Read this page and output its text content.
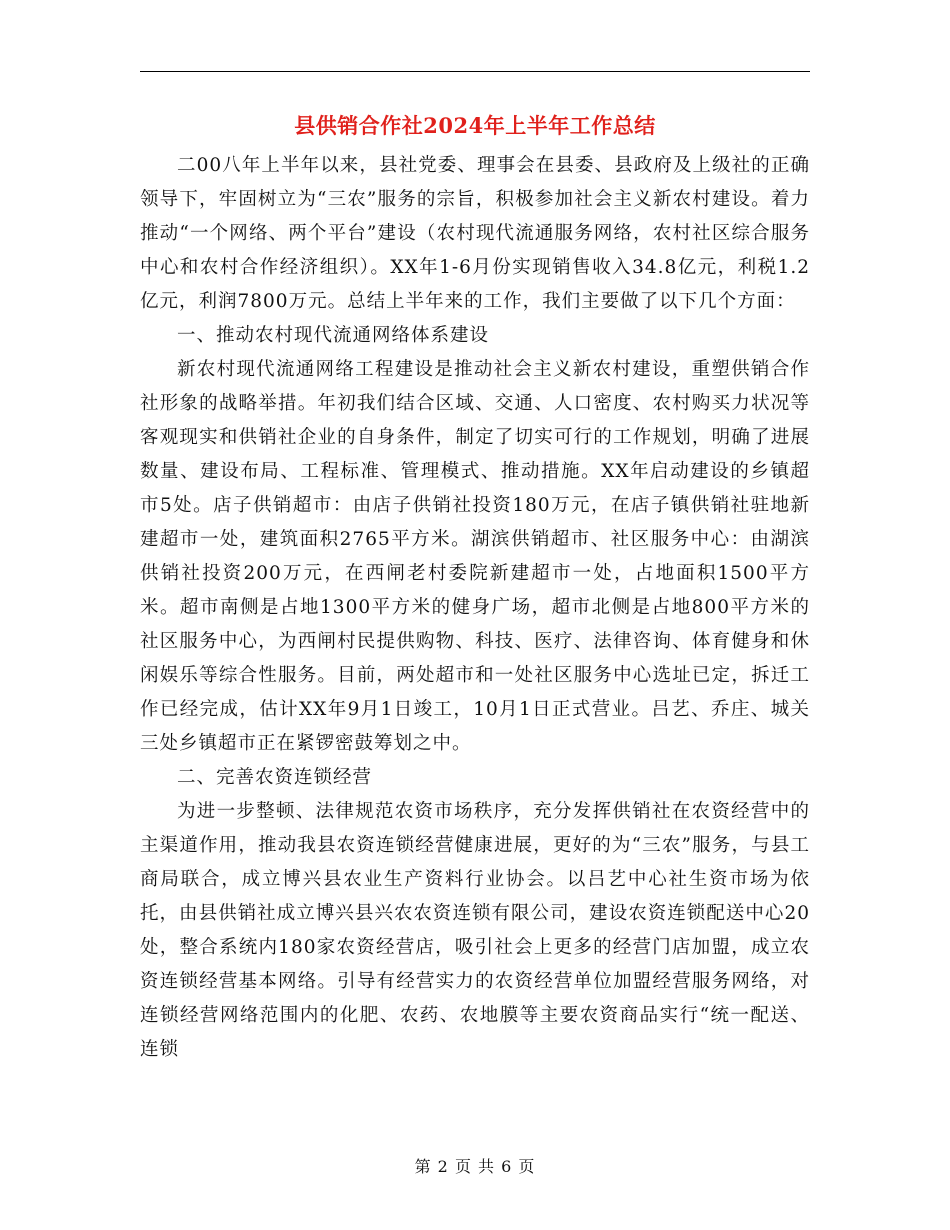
县供销合作社2024年上半年工作总结

二00八年上半年以来，县社党委、理事会在县委、县政府及上级社的正确领导下，牢固树立为“三农”服务的宗旨，积极参加社会主义新农村建设。着力推动“一个网络、两个平台”建设（农村现代流通服务网络，农村社区综合服务中心和农村合作经济组织）。XX年1-6月份实现销售收入34.8亿元，利税1.2亿元，利润7800万元。总结上半年来的工作，我们主要做了以下几个方面：

一、推动农村现代流通网络体系建设

新农村现代流通网络工程建设是推动社会主义新农村建设，重塑供销合作社形象的战略举措。年初我们结合区域、交通、人口密度、农村购买力状况等客观现实和供销社企业的自身条件，制定了切实可行的工作规划，明确了进展数量、建设布局、工程标准、管理模式、推动措施。XX年启动建设的乡镇超市5处。店子供销超市：由店子供销社投资180万元，在店子镇供销社驻地新建超市一处，建筑面积2765平方米。湖滨供销超市、社区服务中心：由湖滨供销社投资200万元，在西闸老村委院新建超市一处，占地面积1500平方米。超市南侧是占地1300平方米的健身广场，超市北侧是占地800平方米的社区服务中心，为西闸村民提供购物、科技、医疗、法律咨询、体育健身和休闲娱乐等综合性服务。目前，两处超市和一处社区服务中心选址已定，拆迁工作已经完成，估计XX年9月1日竣工，10月1日正式营业。吕艺、乔庄、城关三处乡镇超市正在紧锣密鼓筹划之中。

二、完善农资连锁经营

为进一步整顿、法律规范农资市场秩序，充分发挥供销社在农资经营中的主渠道作用，推动我县农资连锁经营健康进展，更好的为“三农”服务，与县工商局联合，成立博兴县农业生产资料行业协会。以吕艺中心社生资市场为依托，由县供销社成立博兴县兴农农资连锁有限公司，建设农资连锁配送中心20处，整合系统内180家农资经营店，吸引社会上更多的经营门店加盟，成立农资连锁经营基本网络。引导有经营实力的农资经营单位加盟经营服务网络，对连锁经营网络范围内的化肥、农药、农地膜等主要农资商品实行“统一配送、连锁

第 2 页 共 6 页
